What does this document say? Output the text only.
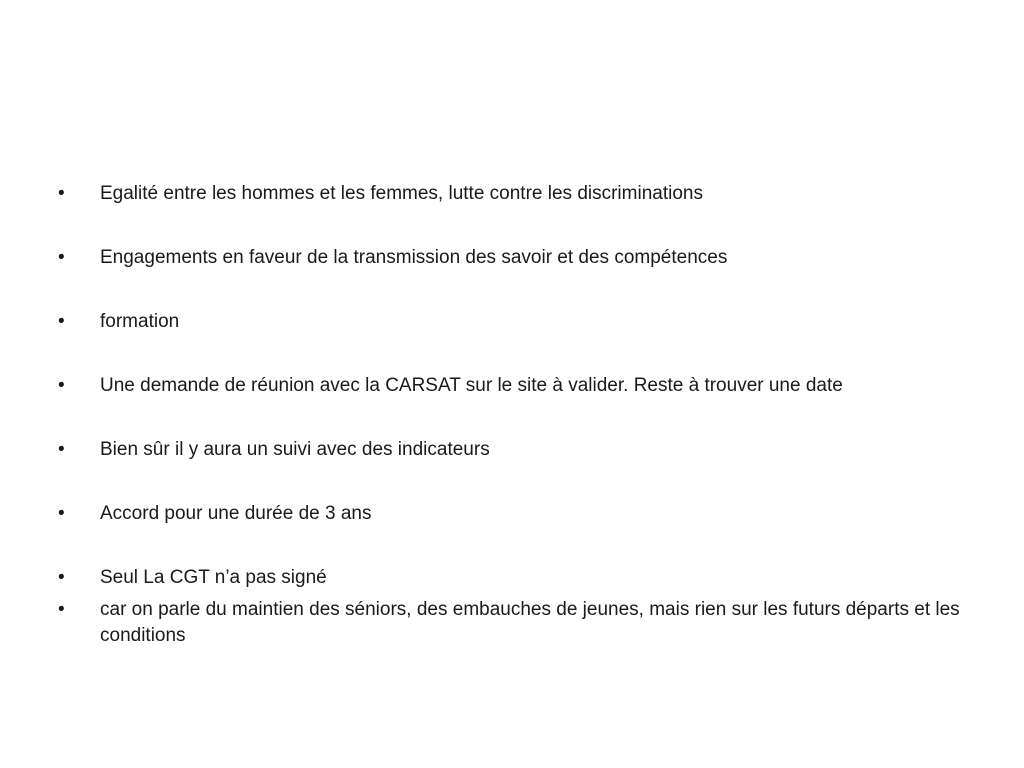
•	Egalité entre les hommes et les femmes, lutte contre les discriminations
•	Engagements en faveur de la transmission des savoir et des compétences
•	formation
•	Une demande de réunion avec la CARSAT sur le site à valider. Reste à trouver une date
•	Bien sûr il y aura un suivi avec des indicateurs
•	Accord pour une durée de 3 ans
•	Seul La CGT n’a pas signé
•	car on parle du maintien des séniors, des embauches de jeunes, mais rien sur les futurs départs et les conditions
